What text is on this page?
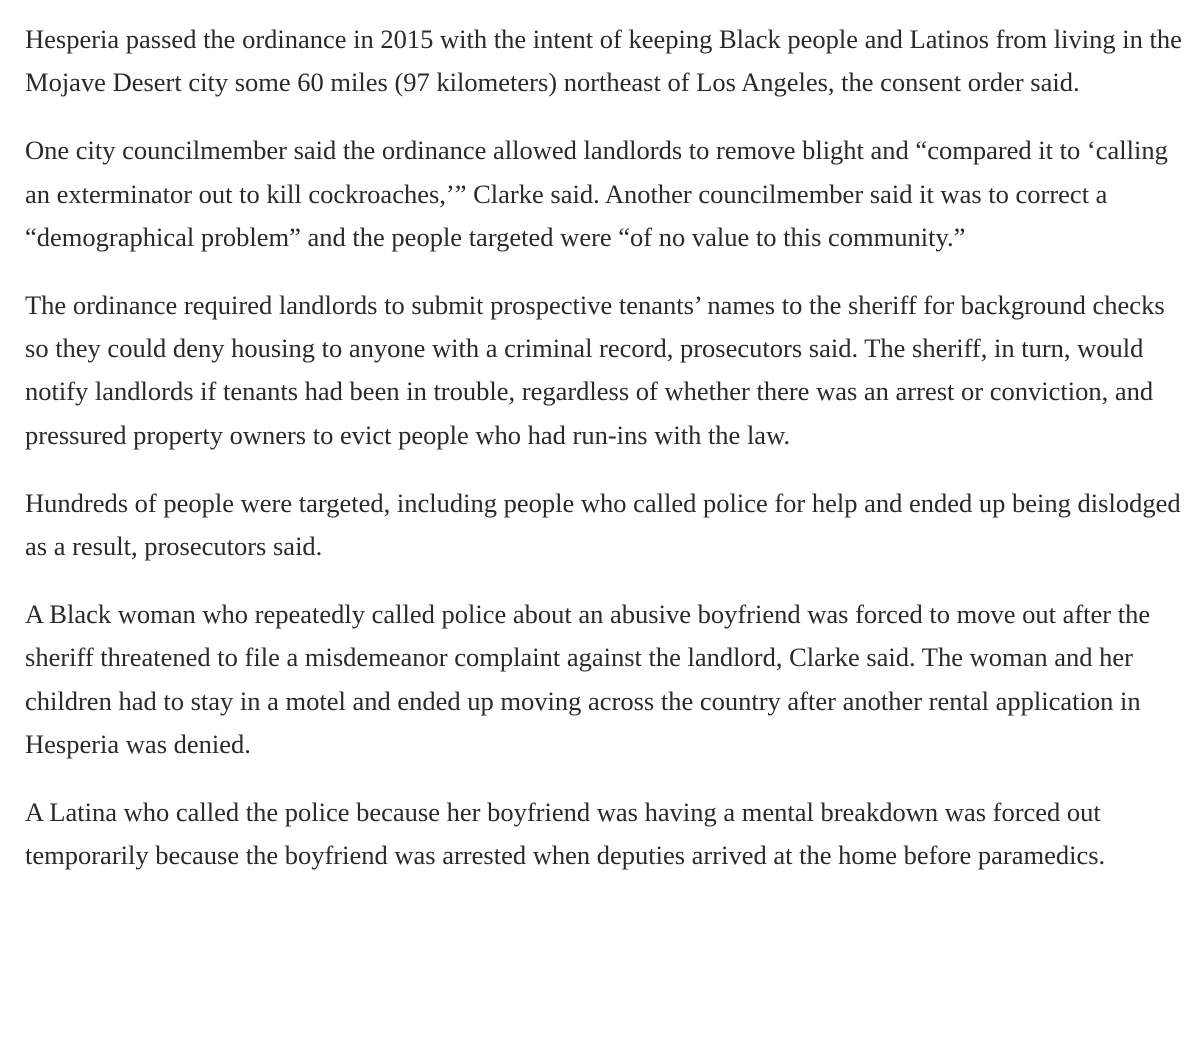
Hesperia passed the ordinance in 2015 with the intent of keeping Black people and Latinos from living in the Mojave Desert city some 60 miles (97 kilometers) northeast of Los Angeles, the consent order said.

One city councilmember said the ordinance allowed landlords to remove blight and “compared it to ‘calling an exterminator out to kill cockroaches,’” Clarke said. Another councilmember said it was to correct a “demographical problem” and the people targeted were “of no value to this community.”

The ordinance required landlords to submit prospective tenants’ names to the sheriff for background checks so they could deny housing to anyone with a criminal record, prosecutors said. The sheriff, in turn, would notify landlords if tenants had been in trouble, regardless of whether there was an arrest or conviction, and pressured property owners to evict people who had run-ins with the law.

Hundreds of people were targeted, including people who called police for help and ended up being dislodged as a result, prosecutors said.

A Black woman who repeatedly called police about an abusive boyfriend was forced to move out after the sheriff threatened to file a misdemeanor complaint against the landlord, Clarke said. The woman and her children had to stay in a motel and ended up moving across the country after another rental application in Hesperia was denied.

A Latina who called the police because her boyfriend was having a mental breakdown was forced out temporarily because the boyfriend was arrested when deputies arrived at the home before paramedics.
